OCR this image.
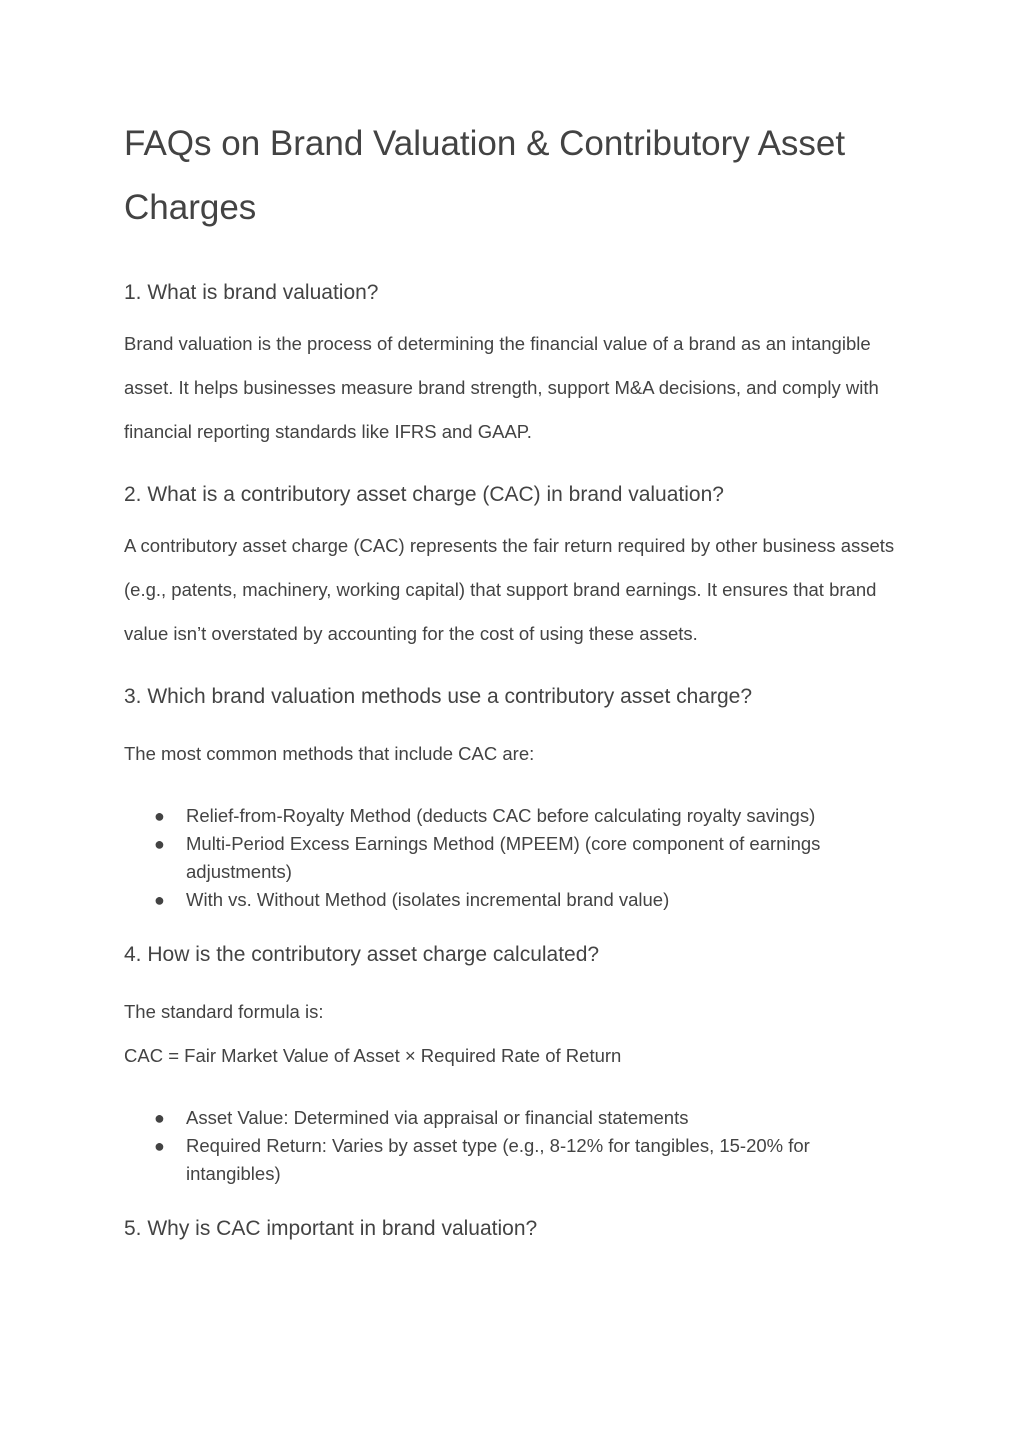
FAQs on Brand Valuation & Contributory Asset Charges
1. What is brand valuation?

Brand valuation is the process of determining the financial value of a brand as an intangible asset. It helps businesses measure brand strength, support M&A decisions, and comply with financial reporting standards like IFRS and GAAP.

2. What is a contributory asset charge (CAC) in brand valuation?

A contributory asset charge (CAC) represents the fair return required by other business assets (e.g., patents, machinery, working capital) that support brand earnings. It ensures that brand value isn’t overstated by accounting for the cost of using these assets.

3. Which brand valuation methods use a contributory asset charge?

The most common methods that include CAC are:

● Relief-from-Royalty Method (deducts CAC before calculating royalty savings)
● Multi-Period Excess Earnings Method (MPEEM) (core component of earnings adjustments)
● With vs. Without Method (isolates incremental brand value)
4. How is the contributory asset charge calculated?

The standard formula is:

CAC = Fair Market Value of Asset × Required Rate of Return

● Asset Value: Determined via appraisal or financial statements
● Required Return: Varies by asset type (e.g., 8-12% for tangibles, 15-20% for intangibles)
5. Why is CAC important in brand valuation?
